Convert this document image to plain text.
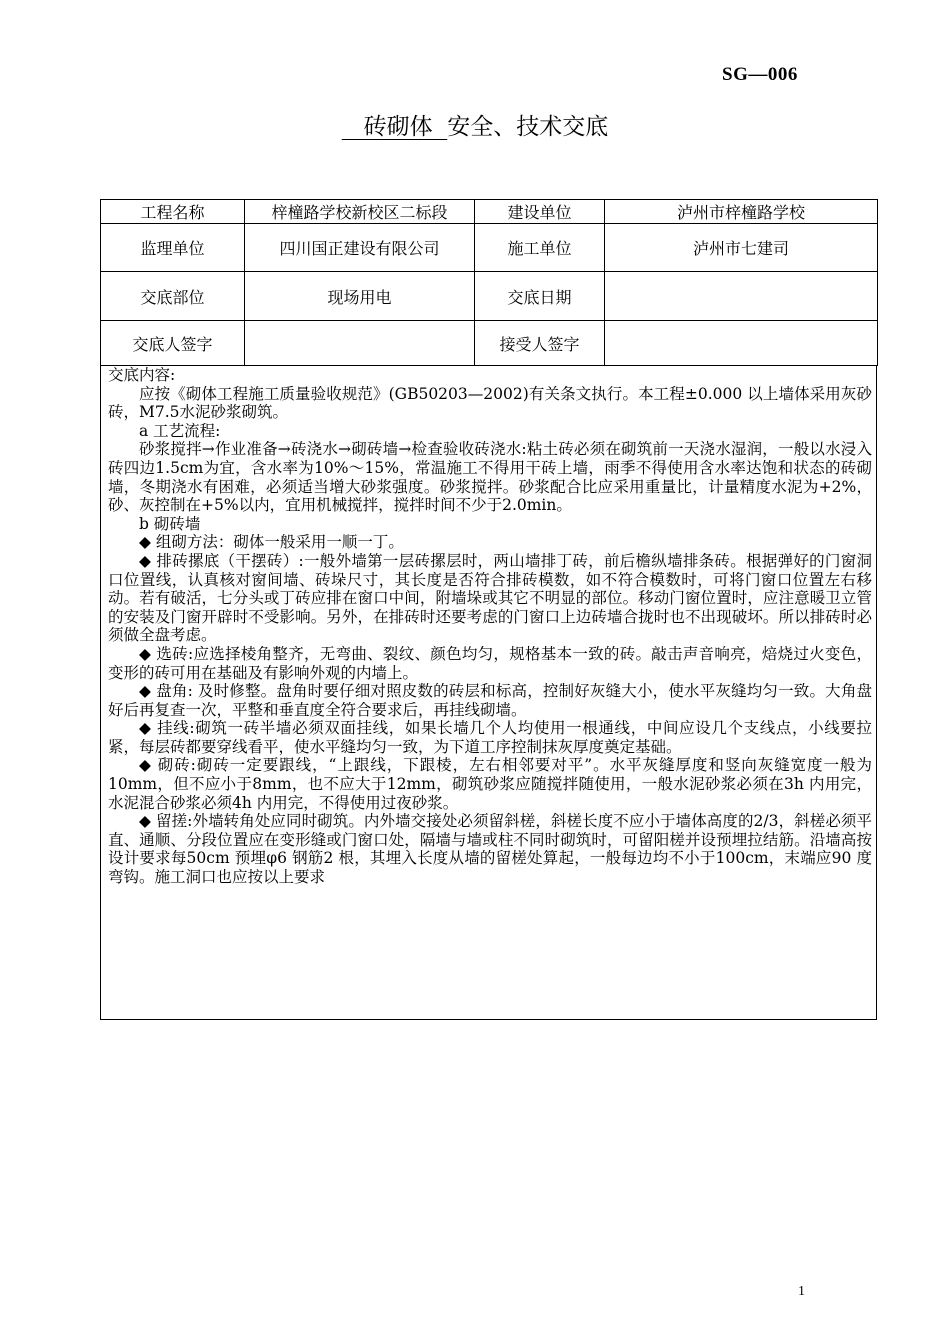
SG—006
砖砌体  安全、技术交底
工程名称	梓橦路学校新校区二标段	建设单位	泸州市梓橦路学校
监理单位	四川国正建设有限公司	施工单位	泸州市七建司
交底部位	现场用电	交底日期	
交底人签字		接受人签字	

交底内容:

应按《砌体工程施工质量验收规范》(GB50203—2002)有关条文执行。本工程±0.000 以上墙体采用灰砂砖，M7.5水泥砂浆砌筑。

a 工艺流程:

砂浆搅拌→作业准备→砖浇水→砌砖墙→检查验收砖浇水:粘土砖必须在砌筑前一天浇水湿润，一般以水浸入砖四边1.5cm为宜，含水率为10%～15%，常温施工不得用干砖上墙，雨季不得使用含水率达饱和状态的砖砌墙，冬期浇水有困难，必须适当增大砂浆强度。砂浆搅拌。砂浆配合比应采用重量比，计量精度水泥为+2%，砂、灰控制在+5%以内，宜用机械搅拌，搅拌时间不少于2.0min。

b 砌砖墙

◆ 组砌方法：砌体一般采用一顺一丁。

◆ 排砖摞底（干摆砖）:一般外墙第一层砖摞层时，两山墙排丁砖，前后檐纵墙排条砖。根据弹好的门窗洞口位置线，认真核对窗间墙、砖垛尺寸，其长度是否符合排砖模数，如不符合模数时，可将门窗口位置左右移动。若有破活，七分头或丁砖应排在窗口中间，附墙垛或其它不明显的部位。移动门窗位置时，应注意暖卫立管的安装及门窗开辟时不受影响。另外，在排砖时还要考虑的门窗口上边砖墙合拢时也不出现破坏。所以排砖时必须做全盘考虑。

◆ 选砖:应选择棱角整齐，无弯曲、裂纹、颜色均匀，规格基本一致的砖。敲击声音响亮，焙烧过火变色，变形的砖可用在基础及有影响外观的内墙上。

◆ 盘角: 及时修整。盘角时要仔细对照皮数的砖层和标高，控制好灰缝大小，使水平灰缝均匀一致。大角盘好后再复查一次，平整和垂直度全符合要求后，再挂线砌墙。

◆ 挂线:砌筑一砖半墙必须双面挂线，如果长墙几个人均使用一根通线，中间应设几个支线点，小线要拉紧，每层砖都要穿线看平，使水平缝均匀一致，为下道工序控制抹灰厚度奠定基础。

◆ 砌砖:砌砖一定要跟线，“上跟线，下跟棱，左右相邻要对平”。水平灰缝厚度和竖向灰缝宽度一般为10mm，但不应小于8mm，也不应大于12mm，砌筑砂浆应随搅拌随使用，一般水泥砂浆必须在3h 内用完，水泥混合砂浆必须4h 内用完，不得使用过夜砂浆。

◆ 留搓:外墙转角处应同时砌筑。内外墙交接处必须留斜槎，斜槎长度不应小于墙体高度的2/3，斜槎必须平直、通顺、分段位置应在变形缝或门窗口处，隔墙与墙或柱不同时砌筑时，可留阳槎并设预埋拉结筋。沿墙高按设计要求每50cm 预埋φ6 钢筋2 根，其埋入长度从墙的留槎处算起，一般每边均不小于100cm，末端应90 度弯钩。施工洞口也应按以上要求

1
